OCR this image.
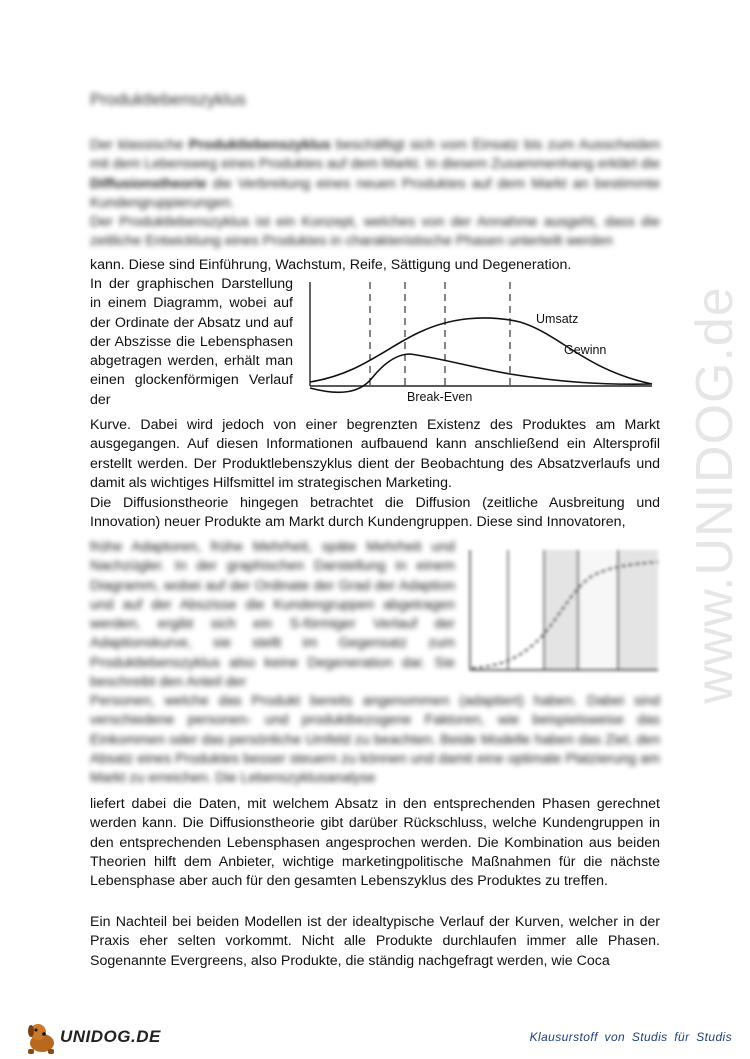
Produktlebenszyklus
Der klassische Produktlebenszyklus beschäftigt sich vom Einsatz bis zum Ausscheiden mit dem Lebensweg eines Produktes auf dem Markt. In diesem Zusammenhang erklärt die Diffusionstheorie die Verbreitung eines neuen Produktes auf dem Markt an bestimmte Kundengruppierungen.
Der Produktlebenszyklus ist ein Konzept, welches von der Annahme ausgeht, dass die zeitliche Entwicklung eines Produktes in charakteristische Phasen unterteilt werden
kann. Diese sind Einführung, Wachstum, Reife, Sättigung und Degeneration.
In der graphischen Darstellung in einem Diagramm, wobei auf der Ordinate der Absatz und auf der Abszisse die Lebensphasen abgetragen werden, erhält man einen glockenförmigen Verlauf der
Umsatz
Gewinn
Break-Even
Kurve. Dabei wird jedoch von einer begrenzten Existenz des Produktes am Markt ausgegangen. Auf diesen Informationen aufbauend kann anschließend ein Altersprofil erstellt werden. Der Produktlebenszyklus dient der Beobachtung des Absatzverlaufs und damit als wichtiges Hilfsmittel im strategischen Marketing.
Die Diffusionstheorie hingegen betrachtet die Diffusion (zeitliche Ausbreitung und Innovation) neuer Produkte am Markt durch Kundengruppen. Diese sind Innovatoren,
frühe Adaptoren, frühe Mehrheit, späte Mehrheit und Nachzügler. In der graphischen Darstellung in einem Diagramm, wobei auf der Ordinate der Grad der Adaption und auf der Abszisse die Kundengruppen abgetragen werden, ergibt sich ein S-förmiger Verlauf der Adaptionskurve, sie stellt im Gegensatz zum Produktlebenszyklus also keine Degeneration dar. Sie beschreibt den Anteil der
Personen, welche das Produkt bereits angenommen (adaptiert) haben. Dabei sind verschiedene personen- und produktbezogene Faktoren, wie beispielsweise das Einkommen oder das persönliche Umfeld zu beachten. Beide Modelle haben das Ziel, den Absatz eines Produktes besser steuern zu können und damit eine optimale Platzierung am Markt zu erreichen. Die Lebenszyklusanalyse
liefert dabei die Daten, mit welchem Absatz in den entsprechenden Phasen gerechnet werden kann. Die Diffusionstheorie gibt darüber Rückschluss, welche Kundengruppen in den entsprechenden Lebensphasen angesprochen werden. Die Kombination aus beiden Theorien hilft dem Anbieter, wichtige marketingpolitische Maßnahmen für die nächste Lebensphase aber auch für den gesamten Lebenszyklus des Produktes zu treffen.
Ein Nachteil bei beiden Modellen ist der idealtypische Verlauf der Kurven, welcher in der Praxis eher selten vorkommt. Nicht alle Produkte durchlaufen immer alle Phasen. Sogenannte Evergreens, also Produkte, die ständig nachgefragt werden, wie Coca
www.UNIDOG.de
UNIDOG.DE	Klausurstoff von Studis für Studis
